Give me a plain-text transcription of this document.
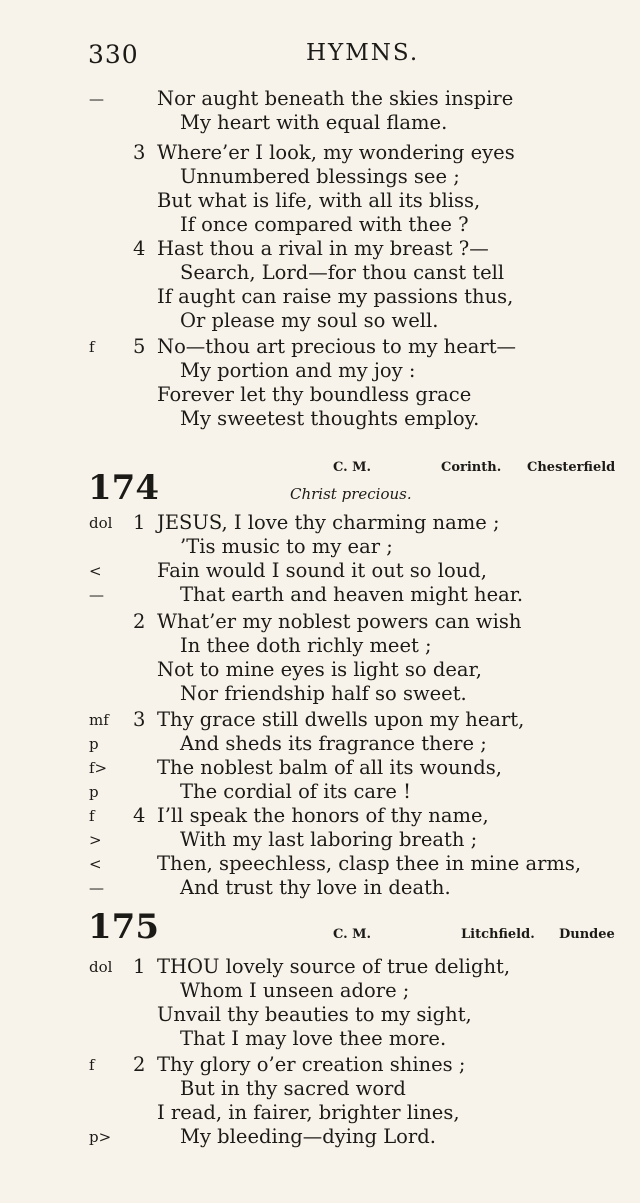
330	HYMNS.
—	Nor aught beneath the skies inspire
My heart with equal flame.
3 Where’er I look, my wondering eyes
Unnumbered blessings see ;
But what is life, with all its bliss,
If once compared with thee ?
4 Hast thou a rival in my breast ?—
Search, Lord—for thou canst tell
If aught can raise my passions thus,
Or please my soul so well.
f 5 No—thou art precious to my heart—
My portion and my joy :
Forever let thy boundless grace
My sweetest thoughts employ.
174
C. M.	Corinth. Chesterfield
Christ precious.
dol 1 JESUS, I love thy charming name ;
’Tis music to my ear ;
<	Fain would I sound it out so loud,
—	That earth and heaven might hear.
2 What’er my noblest powers can wish
In thee doth richly meet ;
Not to mine eyes is light so dear,
Nor friendship half so sweet.
mf 3 Thy grace still dwells upon my heart,
p	And sheds its fragrance there ;
f>	The noblest balm of all its wounds,
p	The cordial of its care !
f 4 I’ll speak the honors of thy name,
>	With my last laboring breath ;
<	Then, speechless, clasp thee in mine arms,
—	And trust thy love in death.
175	C. M.	Litchfield. Dundee
dol 1 THOU lovely source of true delight,
Whom I unseen adore ;
Unvail thy beauties to my sight,
That I may love thee more.
f 2 Thy glory o’er creation shines ;
But in thy sacred word
I read, in fairer, brighter lines,
p>	My bleeding—dying Lord.
